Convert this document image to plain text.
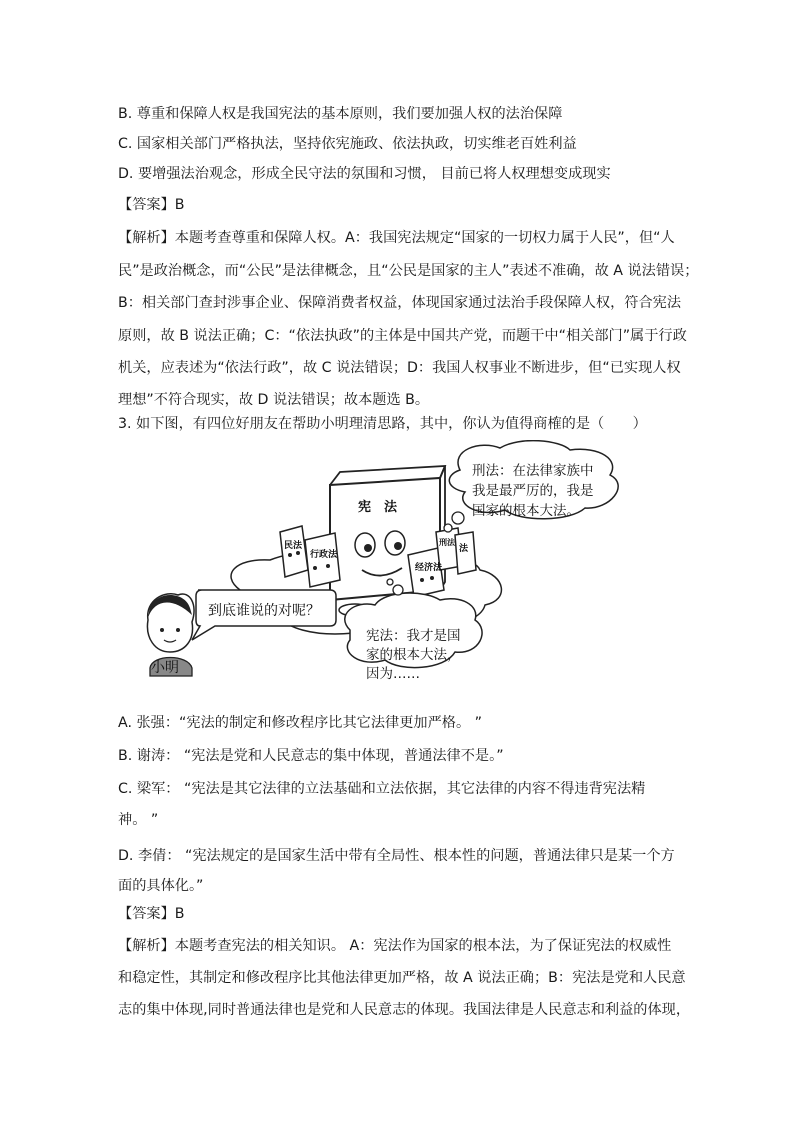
B. 尊重和保障人权是我国宪法的基本原则，我们要加强人权的法治保障
C. 国家相关部门严格执法，坚持依宪施政、依法执政，切实维老百姓利益
D. 要增强法治观念，形成全民守法的氛围和习惯， 目前已将人权理想变成现实
【答案】B
【解析】本题考查尊重和保障人权。A：我国宪法规定“国家的一切权力属于人民”，但“人
民”是政治概念，而“公民”是法律概念，且“公民是国家的主人”表述不准确，故 A 说法错误；
B：相关部门查封涉事企业、保障消费者权益，体现国家通过法治手段保障人权，符合宪法
原则，故 B 说法正确；C：“依法执政”的主体是中国共产党，而题干中“相关部门”属于行政
机关，应表述为“依法行政”，故 C 说法错误；D：我国人权事业不断进步，但“已实现人权
理想”不符合现实，故 D 说法错误；故本题选 B。
3. 如下图，有四位好朋友在帮助小明理清思路，其中，你认为值得商榷的是（　　）
刑法：在法律家族中
我是最严厉的，我是
国家的根本大法。
宪法：我才是国
家的根本大法，
因为……
到底谁说的对呢？
小明
宪　法
民法
行政法
经济法
刑法
法
A. 张强：“宪法的制定和修改程序比其它法律更加严格。 ”
B. 谢涛： “宪法是党和人民意志的集中体现，普通法律不是。”
C. 梁军： “宪法是其它法律的立法基础和立法依据，其它法律的内容不得违背宪法精
神。 ”
D. 李倩： “宪法规定的是国家生活中带有全局性、根本性的问题，普通法律只是某一个方
面的具体化。”
【答案】B
【解析】本题考查宪法的相关知识。 A：宪法作为国家的根本法，为了保证宪法的权威性
和稳定性，其制定和修改程序比其他法律更加严格，故 A 说法正确；B：宪法是党和人民意
志的集中体现,同时普通法律也是党和人民意志的体现。我国法律是人民意志和利益的体现，
